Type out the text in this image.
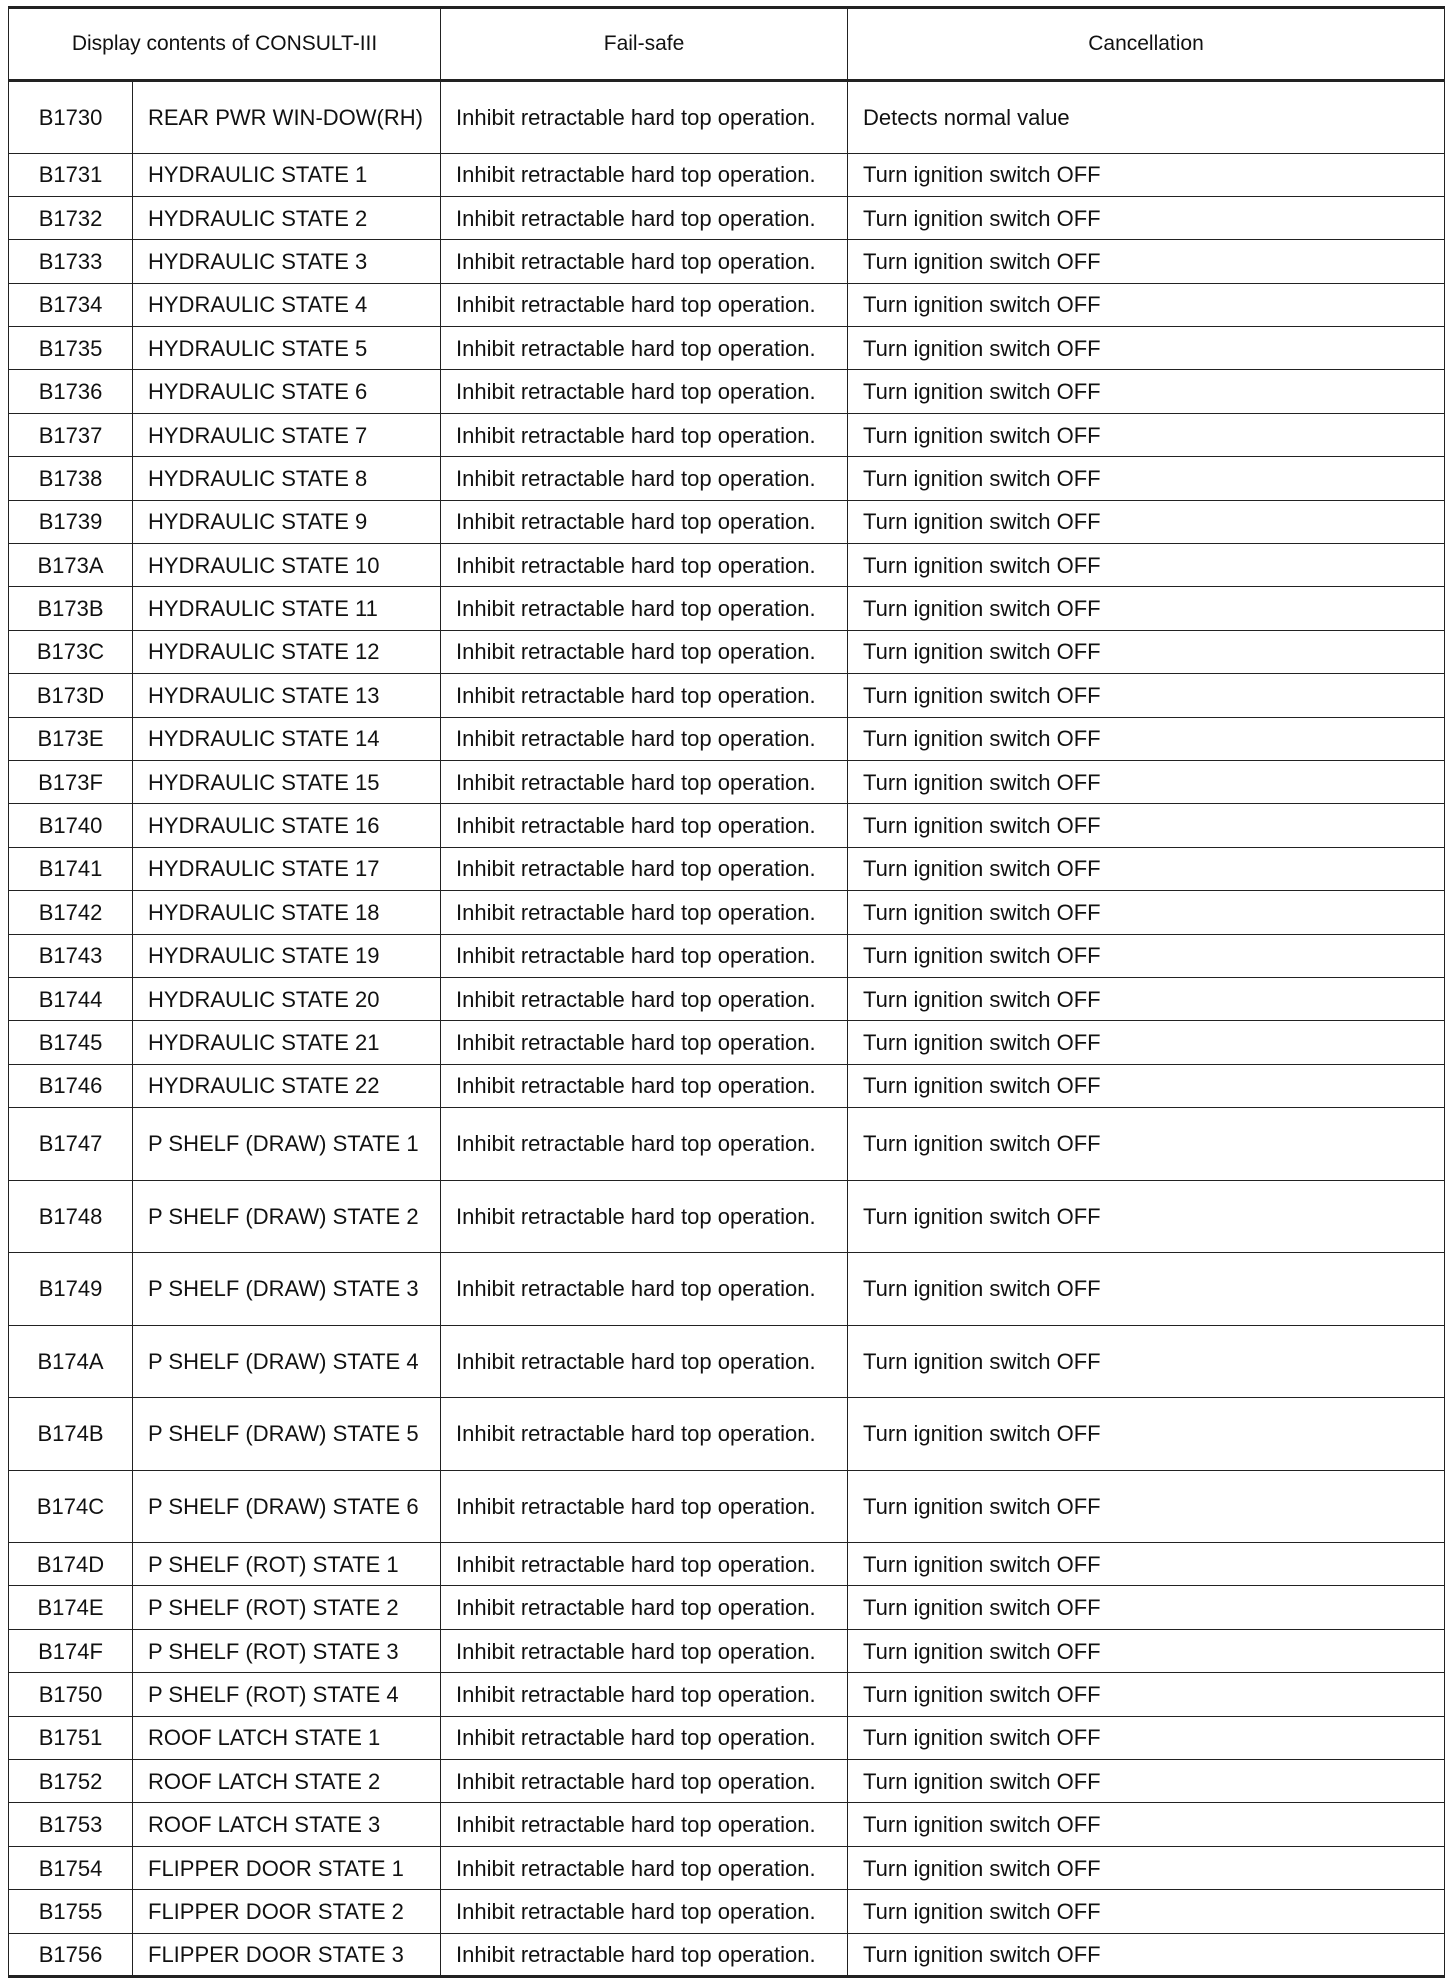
Display contents of CONSULT-III		Fail-safe	Cancellation
B1730	REAR PWR WIN-DOW(RH)	Inhibit retractable hard top operation.	Detects normal value
B1731	HYDRAULIC STATE 1	Inhibit retractable hard top operation.	Turn ignition switch OFF
B1732	HYDRAULIC STATE 2	Inhibit retractable hard top operation.	Turn ignition switch OFF
B1733	HYDRAULIC STATE 3	Inhibit retractable hard top operation.	Turn ignition switch OFF
B1734	HYDRAULIC STATE 4	Inhibit retractable hard top operation.	Turn ignition switch OFF
B1735	HYDRAULIC STATE 5	Inhibit retractable hard top operation.	Turn ignition switch OFF
B1736	HYDRAULIC STATE 6	Inhibit retractable hard top operation.	Turn ignition switch OFF
B1737	HYDRAULIC STATE 7	Inhibit retractable hard top operation.	Turn ignition switch OFF
B1738	HYDRAULIC STATE 8	Inhibit retractable hard top operation.	Turn ignition switch OFF
B1739	HYDRAULIC STATE 9	Inhibit retractable hard top operation.	Turn ignition switch OFF
B173A	HYDRAULIC STATE 10	Inhibit retractable hard top operation.	Turn ignition switch OFF
B173B	HYDRAULIC STATE 11	Inhibit retractable hard top operation.	Turn ignition switch OFF
B173C	HYDRAULIC STATE 12	Inhibit retractable hard top operation.	Turn ignition switch OFF
B173D	HYDRAULIC STATE 13	Inhibit retractable hard top operation.	Turn ignition switch OFF
B173E	HYDRAULIC STATE 14	Inhibit retractable hard top operation.	Turn ignition switch OFF
B173F	HYDRAULIC STATE 15	Inhibit retractable hard top operation.	Turn ignition switch OFF
B1740	HYDRAULIC STATE 16	Inhibit retractable hard top operation.	Turn ignition switch OFF
B1741	HYDRAULIC STATE 17	Inhibit retractable hard top operation.	Turn ignition switch OFF
B1742	HYDRAULIC STATE 18	Inhibit retractable hard top operation.	Turn ignition switch OFF
B1743	HYDRAULIC STATE 19	Inhibit retractable hard top operation.	Turn ignition switch OFF
B1744	HYDRAULIC STATE 20	Inhibit retractable hard top operation.	Turn ignition switch OFF
B1745	HYDRAULIC STATE 21	Inhibit retractable hard top operation.	Turn ignition switch OFF
B1746	HYDRAULIC STATE 22	Inhibit retractable hard top operation.	Turn ignition switch OFF
B1747	P SHELF (DRAW) STATE 1	Inhibit retractable hard top operation.	Turn ignition switch OFF
B1748	P SHELF (DRAW) STATE 2	Inhibit retractable hard top operation.	Turn ignition switch OFF
B1749	P SHELF (DRAW) STATE 3	Inhibit retractable hard top operation.	Turn ignition switch OFF
B174A	P SHELF (DRAW) STATE 4	Inhibit retractable hard top operation.	Turn ignition switch OFF
B174B	P SHELF (DRAW) STATE 5	Inhibit retractable hard top operation.	Turn ignition switch OFF
B174C	P SHELF (DRAW) STATE 6	Inhibit retractable hard top operation.	Turn ignition switch OFF
B174D	P SHELF (ROT) STATE 1	Inhibit retractable hard top operation.	Turn ignition switch OFF
B174E	P SHELF (ROT) STATE 2	Inhibit retractable hard top operation.	Turn ignition switch OFF
B174F	P SHELF (ROT) STATE 3	Inhibit retractable hard top operation.	Turn ignition switch OFF
B1750	P SHELF (ROT) STATE 4	Inhibit retractable hard top operation.	Turn ignition switch OFF
B1751	ROOF LATCH STATE 1	Inhibit retractable hard top operation.	Turn ignition switch OFF
B1752	ROOF LATCH STATE 2	Inhibit retractable hard top operation.	Turn ignition switch OFF
B1753	ROOF LATCH STATE 3	Inhibit retractable hard top operation.	Turn ignition switch OFF
B1754	FLIPPER DOOR STATE 1	Inhibit retractable hard top operation.	Turn ignition switch OFF
B1755	FLIPPER DOOR STATE 2	Inhibit retractable hard top operation.	Turn ignition switch OFF
B1756	FLIPPER DOOR STATE 3	Inhibit retractable hard top operation.	Turn ignition switch OFF
